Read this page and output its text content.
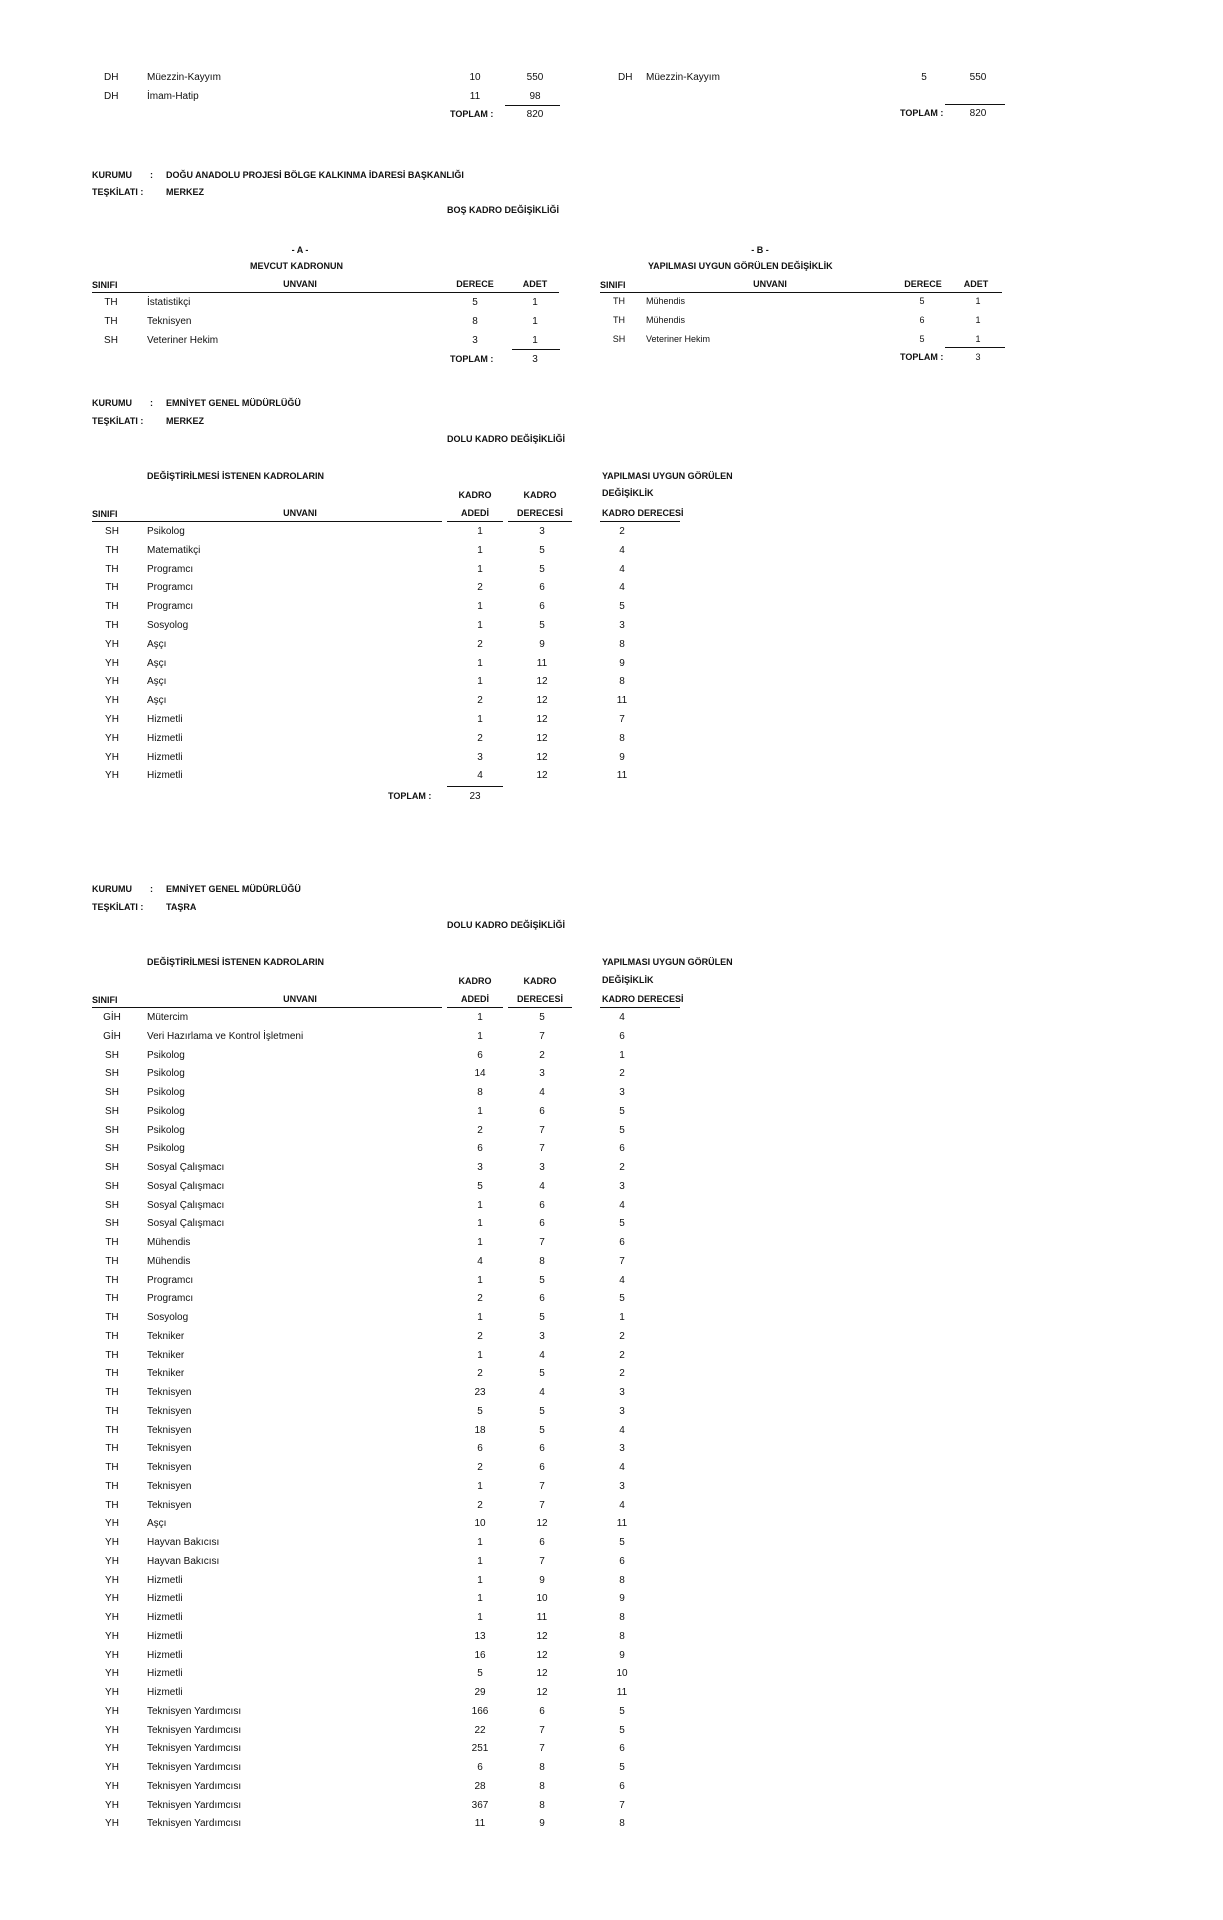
DH	Müezzin-Kayyım	10	550
DH	İmam-Hatip	11	98
TOPLAM :	820
DH Müezzin-Kayyım	5	550
TOPLAM :	820
KURUMU : DOĞU ANADOLU PROJESİ BÖLGE KALKINMA İDARESİ BAŞKANLIĞI
TEŞKİLATI :	MERKEZ
BOŞ KADRO DEĞİŞİKLİĞİ
- A -
MEVCUT KADRONUN
- B -
YAPILMASI UYGUN GÖRÜLEN DEĞİŞİKLİK
SINIFI	UNVANI	DERECE	ADET	SINIFI	UNVANI	DERECE	ADET
TH	İstatistikçi	5	1
TH	Teknisyen	8	1
SH	Veteriner Hekim	3	1
TOPLAM :	3
TH	Mühendis	5	1
TH	Mühendis	6	1
SH	Veteriner Hekim	5	1
TOPLAM :	3
KURUMU : EMNİYET GENEL MÜDÜRLÜĞÜ
TEŞKİLATI :	MERKEZ
DOLU KADRO DEĞİŞİKLİĞİ
DEĞİŞTİRİLMESİ İSTENEN KADROLARIN	YAPILMASI UYGUN GÖRÜLEN
KADRO	KADRO	DEĞİŞİKLİK
SINIFI	UNVANI	ADEDİ	DERECESİ	KADRO DERECESİ
SH	Psikolog	1	3	2
TH	Matematikçi	1	5	4
TH	Programcı	1	5	4
TH	Programcı	2	6	4
TH	Programcı	1	6	5
TH	Sosyolog	1	5	3
YH	Aşçı	2	9	8
YH	Aşçı	1	11	9
YH	Aşçı	1	12	8
YH	Aşçı	2	12	11
YH	Hizmetli	1	12	7
YH	Hizmetli	2	12	8
YH	Hizmetli	3	12	9
YH	Hizmetli	4	12	11
TOPLAM :	23
KURUMU : EMNİYET GENEL MÜDÜRLÜĞÜ
TEŞKİLATI :	TAŞRA
DOLU KADRO DEĞİŞİKLİĞİ
DEĞİŞTİRİLMESİ İSTENEN KADROLARIN	YAPILMASI UYGUN GÖRÜLEN
KADRO	KADRO	DEĞİŞİKLİK
SINIFI	UNVANI	ADEDİ	DERECESİ	KADRO DERECESİ
GİH	Mütercim	1	5	4
GİH	Veri Hazırlama ve Kontrol İşletmeni	1	7	6
SH	Psikolog	6	2	1
SH	Psikolog	14	3	2
SH	Psikolog	8	4	3
SH	Psikolog	1	6	5
SH	Psikolog	2	7	5
SH	Psikolog	6	7	6
SH	Sosyal Çalışmacı	3	3	2
SH	Sosyal Çalışmacı	5	4	3
SH	Sosyal Çalışmacı	1	6	4
SH	Sosyal Çalışmacı	1	6	5
TH	Mühendis	1	7	6
TH	Mühendis	4	8	7
TH	Programcı	1	5	4
TH	Programcı	2	6	5
TH	Sosyolog	1	5	1
TH	Tekniker	2	3	2
TH	Tekniker	1	4	2
TH	Tekniker	2	5	2
TH	Teknisyen	23	4	3
TH	Teknisyen	5	5	3
TH	Teknisyen	18	5	4
TH	Teknisyen	6	6	3
TH	Teknisyen	2	6	4
TH	Teknisyen	1	7	3
TH	Teknisyen	2	7	4
YH	Aşçı	10	12	11
YH	Hayvan Bakıcısı	1	6	5
YH	Hayvan Bakıcısı	1	7	6
YH	Hizmetli	1	9	8
YH	Hizmetli	1	10	9
YH	Hizmetli	1	11	8
YH	Hizmetli	13	12	8
YH	Hizmetli	16	12	9
YH	Hizmetli	5	12	10
YH	Hizmetli	29	12	11
YH	Teknisyen Yardımcısı	166	6	5
YH	Teknisyen Yardımcısı	22	7	5
YH	Teknisyen Yardımcısı	251	7	6
YH	Teknisyen Yardımcısı	6	8	5
YH	Teknisyen Yardımcısı	28	8	6
YH	Teknisyen Yardımcısı	367	8	7
YH	Teknisyen Yardımcısı	11	9	8
